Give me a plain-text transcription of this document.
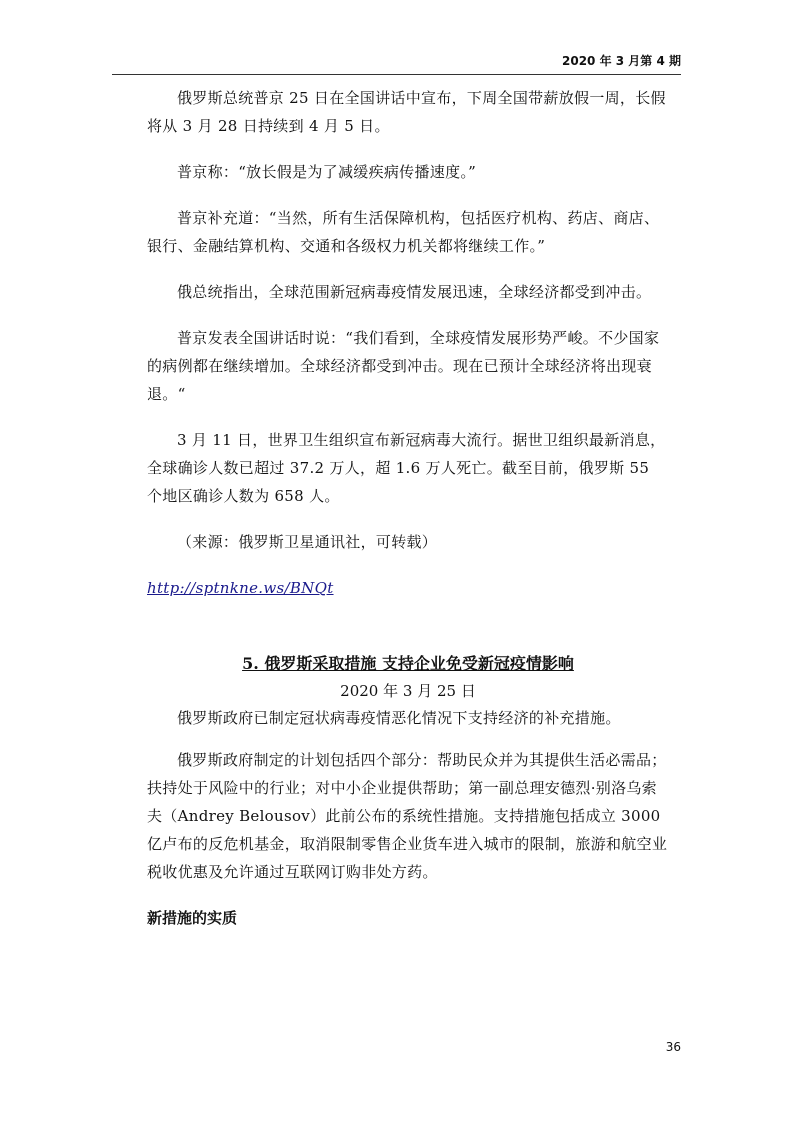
2020 年 3 月第 4 期

俄罗斯总统普京 25 日在全国讲话中宣布，下周全国带薪放假一周，长假将从 3 月 28 日持续到 4 月 5 日。

普京称：“放长假是为了减缓疾病传播速度。”

普京补充道：“当然，所有生活保障机构，包括医疗机构、药店、商店、银行、金融结算机构、交通和各级权力机关都将继续工作。”

俄总统指出，全球范围新冠病毒疫情发展迅速，全球经济都受到冲击。

普京发表全国讲话时说：“我们看到，全球疫情发展形势严峻。不少国家的病例都在继续增加。全球经济都受到冲击。现在已预计全球经济将出现衰退。“

3 月 11 日，世界卫生组织宣布新冠病毒大流行。据世卫组织最新消息，全球确诊人数已超过 37.2 万人，超 1.6 万人死亡。截至目前，俄罗斯 55 个地区确诊人数为 658 人。

（来源：俄罗斯卫星通讯社，可转载）

http://sptnkne.ws/BNQt

5. 俄罗斯采取措施 支持企业免受新冠疫情影响
2020 年 3 月 25 日

俄罗斯政府已制定冠状病毒疫情恶化情况下支持经济的补充措施。

俄罗斯政府制定的计划包括四个部分：帮助民众并为其提供生活必需品；扶持处于风险中的行业；对中小企业提供帮助；第一副总理安德烈·别洛乌索夫（Andrey Belousov）此前公布的系统性措施。支持措施包括成立 3000 亿卢布的反危机基金，取消限制零售企业货车进入城市的限制，旅游和航空业税收优惠及允许通过互联网订购非处方药。

新措施的实质
36
